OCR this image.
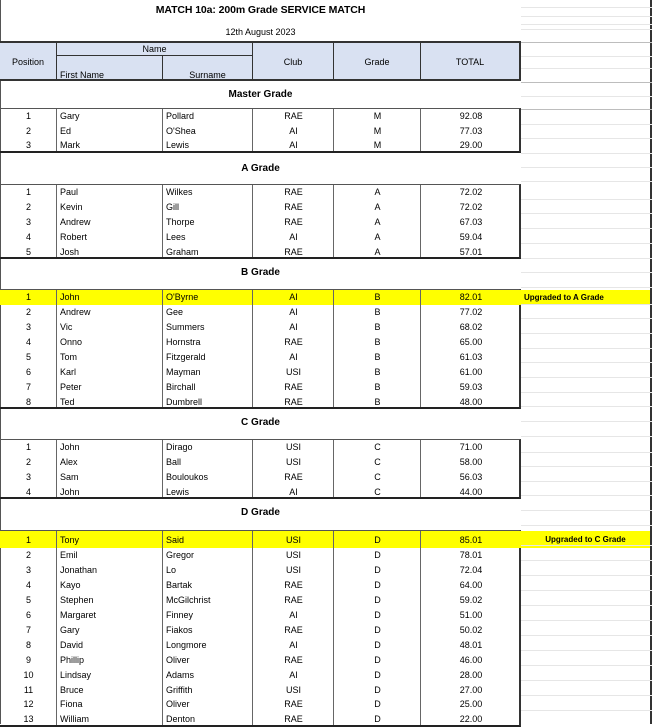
MATCH 10a: 200m Grade SERVICE MATCH
12th August 2023
Position
Name
First Name	Surname
Club	Grade	TOTAL
Master Grade
1	Gary	Pollard	RAE	M	92.08
2	Ed	O'Shea	AI	M	77.03
3	Mark	Lewis	AI	M	29.00
A Grade
1	Paul	Wilkes	RAE	A	72.02
2	Kevin	Gill	RAE	A	72.02
3	Andrew	Thorpe	RAE	A	67.03
4	Robert	Lees	AI	A	59.04
5	Josh	Graham	RAE	A	57.01
B Grade
Upgraded to A Grade
1	John	O'Byrne	AI	B	82.01
2	Andrew	Gee	AI	B	77.02
3	Vic	Summers	AI	B	68.02
4	Onno	Hornstra	RAE	B	65.00
5	Tom	Fitzgerald	AI	B	61.03
6	Karl	Mayman	USI	B	61.00
7	Peter	Birchall	RAE	B	59.03
8	Ted	Dumbrell	RAE	B	48.00
C Grade
1	John	Dirago	USI	C	71.00
2	Alex	Ball	USI	C	58.00
3	Sam	Bouloukos	RAE	C	56.03
4	John	Lewis	AI	C	44.00
D Grade
Upgraded to C Grade
1	Tony	Said	USI	D	85.01
2	Emil	Gregor	USI	D	78.01
3	Jonathan	Lo	USI	D	72.04
4	Kayo	Bartak	RAE	D	64.00
5	Stephen	McGilchrist	RAE	D	59.02
6	Margaret	Finney	AI	D	51.00
7	Gary	Fiakos	RAE	D	50.02
8	David	Longmore	AI	D	48.01
9	Phillip	Oliver	RAE	D	46.00
10	Lindsay	Adams	AI	D	28.00
11	Bruce	Griffith	USI	D	27.00
12	Fiona	Oliver	RAE	D	25.00
13	William	Denton	RAE	D	22.00
